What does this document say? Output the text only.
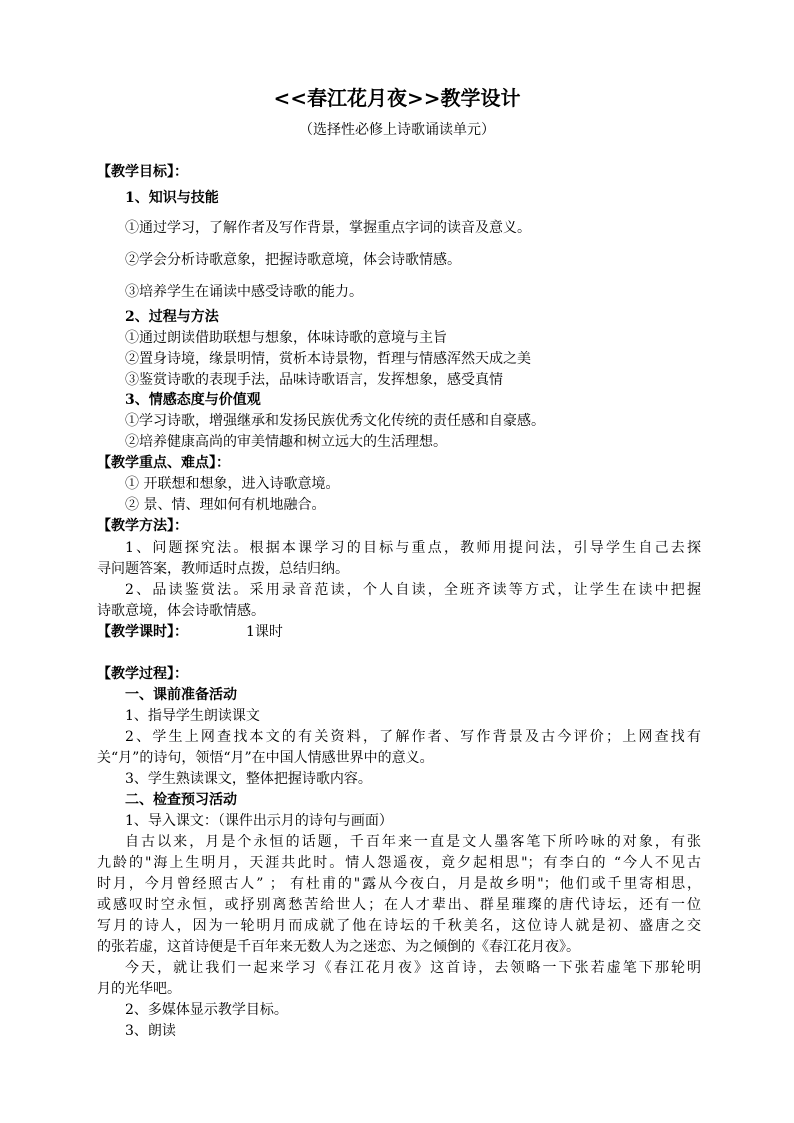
<<春江花月夜>>教学设计
（选择性必修上诗歌诵读单元）
【教学目标】：
1、知识与技能
①通过学习，了解作者及写作背景，掌握重点字词的读音及意义。
②学会分析诗歌意象，把握诗歌意境，体会诗歌情感。
③培养学生在诵读中感受诗歌的能力。
2、过程与方法
①通过朗读借助联想与想象，体味诗歌的意境与主旨
②置身诗境，缘景明情，赏析本诗景物，哲理与情感浑然天成之美
③鉴赏诗歌的表现手法，品味诗歌语言，发挥想象，感受真情
3、情感态度与价值观
①学习诗歌，增强继承和发扬民族优秀文化传统的责任感和自豪感。
②培养健康高尚的审美情趣和树立远大的生活理想。
【教学重点、难点】：
① 开联想和想象，进入诗歌意境。
② 景、情、理如何有机地融合。
【教学方法】：
1、问题探究法。根据本课学习的目标与重点，教师用提问法，引导学生自己去探
寻问题答案，教师适时点拨，总结归纳。
2、品读鉴赏法。采用录音范读，个人自读，全班齐读等方式，让学生在读中把握
诗歌意境，体会诗歌情感。
【教学课时】：	1课时
【教学过程】：
一、课前准备活动
1、指导学生朗读课文
2、学生上网查找本文的有关资料，了解作者、写作背景及古今评价；上网查找有
关“月”的诗句，领悟“月”在中国人情感世界中的意义。
3、学生熟读课文，整体把握诗歌内容。
二、检查预习活动
1、导入课文：（课件出示月的诗句与画面）
自古以来，月是个永恒的话题，千百年来一直是文人墨客笔下所吟咏的对象，有张
九龄的"海上生明月，天涯共此时。情人怨遥夜，竟夕起相思"；有李白的 “今人不见古
时月，今月曾经照古人” ； 有杜甫的"露从今夜白，月是故乡明"；他们或千里寄相思，
或感叹时空永恒，或抒别离愁苦给世人；在人才辈出、群星璀璨的唐代诗坛，还有一位
写月的诗人，因为一轮明月而成就了他在诗坛的千秋美名，这位诗人就是初、盛唐之交
的张若虚，这首诗便是千百年来无数人为之迷恋、为之倾倒的《春江花月夜》。
今天，就让我们一起来学习《春江花月夜》这首诗，去领略一下张若虚笔下那轮明
月的光华吧。
2、多媒体显示教学目标。
3、朗读
